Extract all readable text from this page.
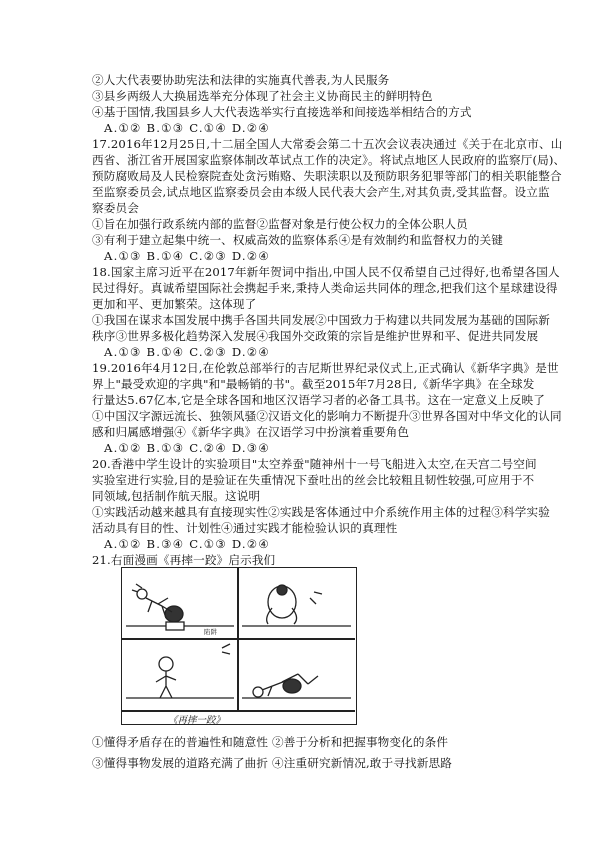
②人大代表要协助宪法和法律的实施真代善表,为人民服务
③县乡两级人大换届选举充分体现了社会主义协商民主的鲜明特色
④基于国情,我国县乡人大代表选举实行直接选举和间接选举相结合的方式
A.①② B.①③ C.①④ D.②④
17.2016年12月25日,十二届全国人大常委会第二十五次会议表决通过《关于在北京市、山
西省、浙江省开展国家监察体制改革试点工作的决定》。将试点地区人民政府的监察厅(局)、
预防腐败局及人民检察院查处贪污贿赂、失职渎职以及预防职务犯罪等部门的相关职能整合
至监察委员会,试点地区监察委员会由本级人民代表大会产生,对其负责,受其监督。设立监
察委员会
①旨在加强行政系统内部的监督②监督对象是行使公权力的全体公职人员
③有利于建立起集中统一、权威高效的监察体系④是有效制约和监督权力的关键
A.①③ B.①④ C.②③ D.②④
18.国家主席习近平在2017年新年贺词中指出,中国人民不仅希望自己过得好,也希望各国人
民过得好。真诚希望国际社会携起手来,秉持人类命运共同体的理念,把我们这个星球建设得
更加和平、更加繁荣。这体现了
①我国在谋求本国发展中携手各国共同发展②中国致力于构建以共同发展为基础的国际新
秩序③世界多极化趋势深入发展④我国外交政策的宗旨是维护世界和平、促进共同发展
A.①③ B.①④ C.②③ D.②④
19.2016年4月12日,在伦敦总部举行的吉尼斯世界纪录仪式上,正式确认《新华字典》是世
界上"最受欢迎的字典"和"最畅销的书"。截至2015年7月28日,《新华字典》在全球发
行量达5.67亿本,它是全球各国和地区汉语学习者的必备工具书。这在一定意义上反映了
①中国汉字源远流长、独领风骚②汉语文化的影响力不断提升③世界各国对中华文化的认同
感和归属感增强④《新华字典》在汉语学习中扮演着重要角色
A.①② B.①③ C.②④ D.③④
20.香港中学生设计的实验项目"太空养蚕"随神州十一号飞船进入太空,在天宫二号空间
实验室进行实验,目的是验证在失重情况下蚕吐出的丝会比较粗且韧性较强,可应用于不
同领域,包括制作航天服。这说明
①实践活动越来越具有直接现实性②实践是客体通过中介系统作用主体的过程③科学实验
活动具有目的性、计划性④通过实践才能检验认识的真理性
A.①② B.③④ C.①③ D.②④
21.右面漫画《再摔一跤》启示我们
①懂得矛盾存在的普遍性和随意性 ②善于分析和把握事物变化的条件
③懂得事物发展的道路充满了曲折 ④注重研究新情况,敢于寻找新思路
陷阱
《再摔一跤》
